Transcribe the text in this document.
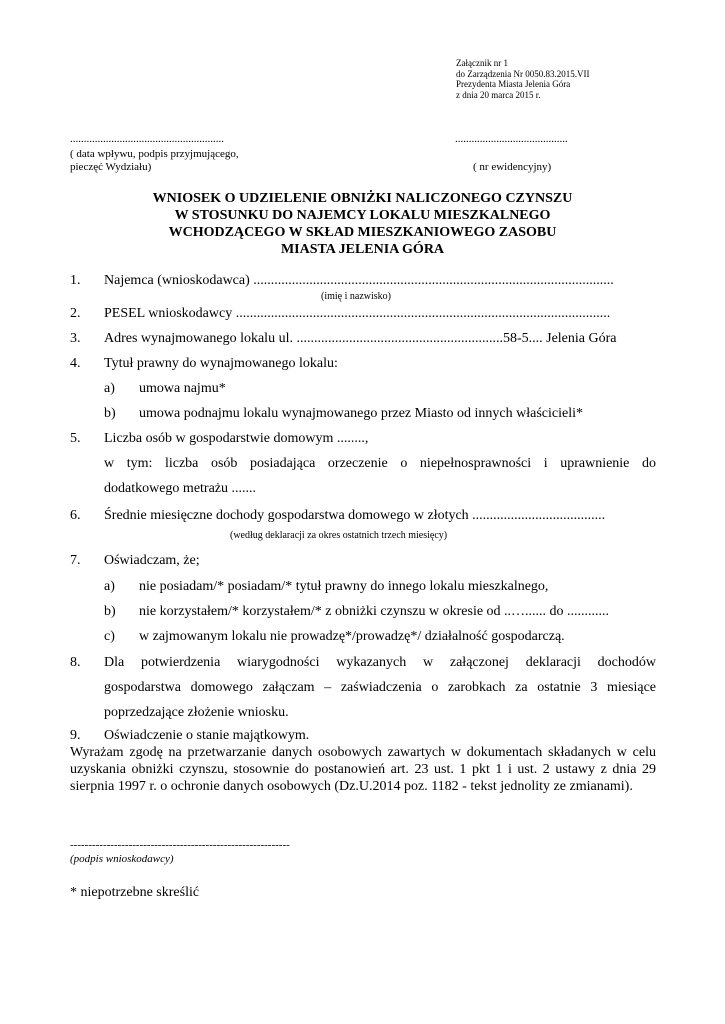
Załącznik nr 1
do Zarządzenia Nr 0050.83.2015.VII
Prezydenta Miasta Jelenia Góra
z dnia 20 marca 2015 r.
........................................................
( data wpływu, podpis przyjmującego,
pieczęć Wydziału)
.........................................
( nr ewidencyjny)
WNIOSEK O UDZIELENIE OBNIŻKI NALICZONEGO CZYNSZU
W STOSUNKU DO NAJEMCY LOKALU MIESZKALNEGO
WCHODZĄCEGO W SKŁAD MIESZKANIOWEGO ZASOBU
MIASTA JELENIA GÓRA
1. Najemca (wnioskodawca) .......................................................................................................
(imię i nazwisko)
2. PESEL wnioskodawcy ...........................................................................................................
3. Adres wynajmowanego lokalu ul. ...........................................................58-5.... Jelenia Góra
4. Tytuł prawny do wynajmowanego lokalu:
a) umowa najmu*
b) umowa podnajmu lokalu wynajmowanego przez Miasto od innych właścicieli*
5. Liczba osób w gospodarstwie domowym ........,
w tym: liczba osób posiadająca orzeczenie o niepełnosprawności i uprawnienie do
dodatkowego metrażu .......
6. Średnie miesięczne dochody gospodarstwa domowego w złotych ......................................
(według deklaracji za okres ostatnich trzech miesięcy)
7. Oświadczam, że;
a) nie posiadam/* posiadam/* tytuł prawny do innego lokalu mieszkalnego,
b) nie korzystałem/* korzystałem/* z obniżki czynszu w okresie od ..…...... do ............
c) w zajmowanym lokalu nie prowadzę*/prowadzę*/ działalność gospodarczą.
8. Dla potwierdzenia wiarygodności wykazanych w załączonej deklaracji dochodów
gospodarstwa domowego załączam – zaświadczenia o zarobkach za ostatnie 3 miesiące
poprzedzające złożenie wniosku.
9. Oświadczenie o stanie majątkowym.
Wyrażam zgodę na przetwarzanie danych osobowych zawartych w dokumentach składanych w celu uzyskania obniżki czynszu, stosownie do postanowień art. 23 ust. 1 pkt 1 i ust. 2 ustawy z dnia 29 sierpnia 1997 r. o ochronie danych osobowych (Dz.U.2014 poz. 1182 - tekst jednolity ze zmianami).
------------------------------------------------------------
(podpis wnioskodawcy)
* niepotrzebne skreślić
